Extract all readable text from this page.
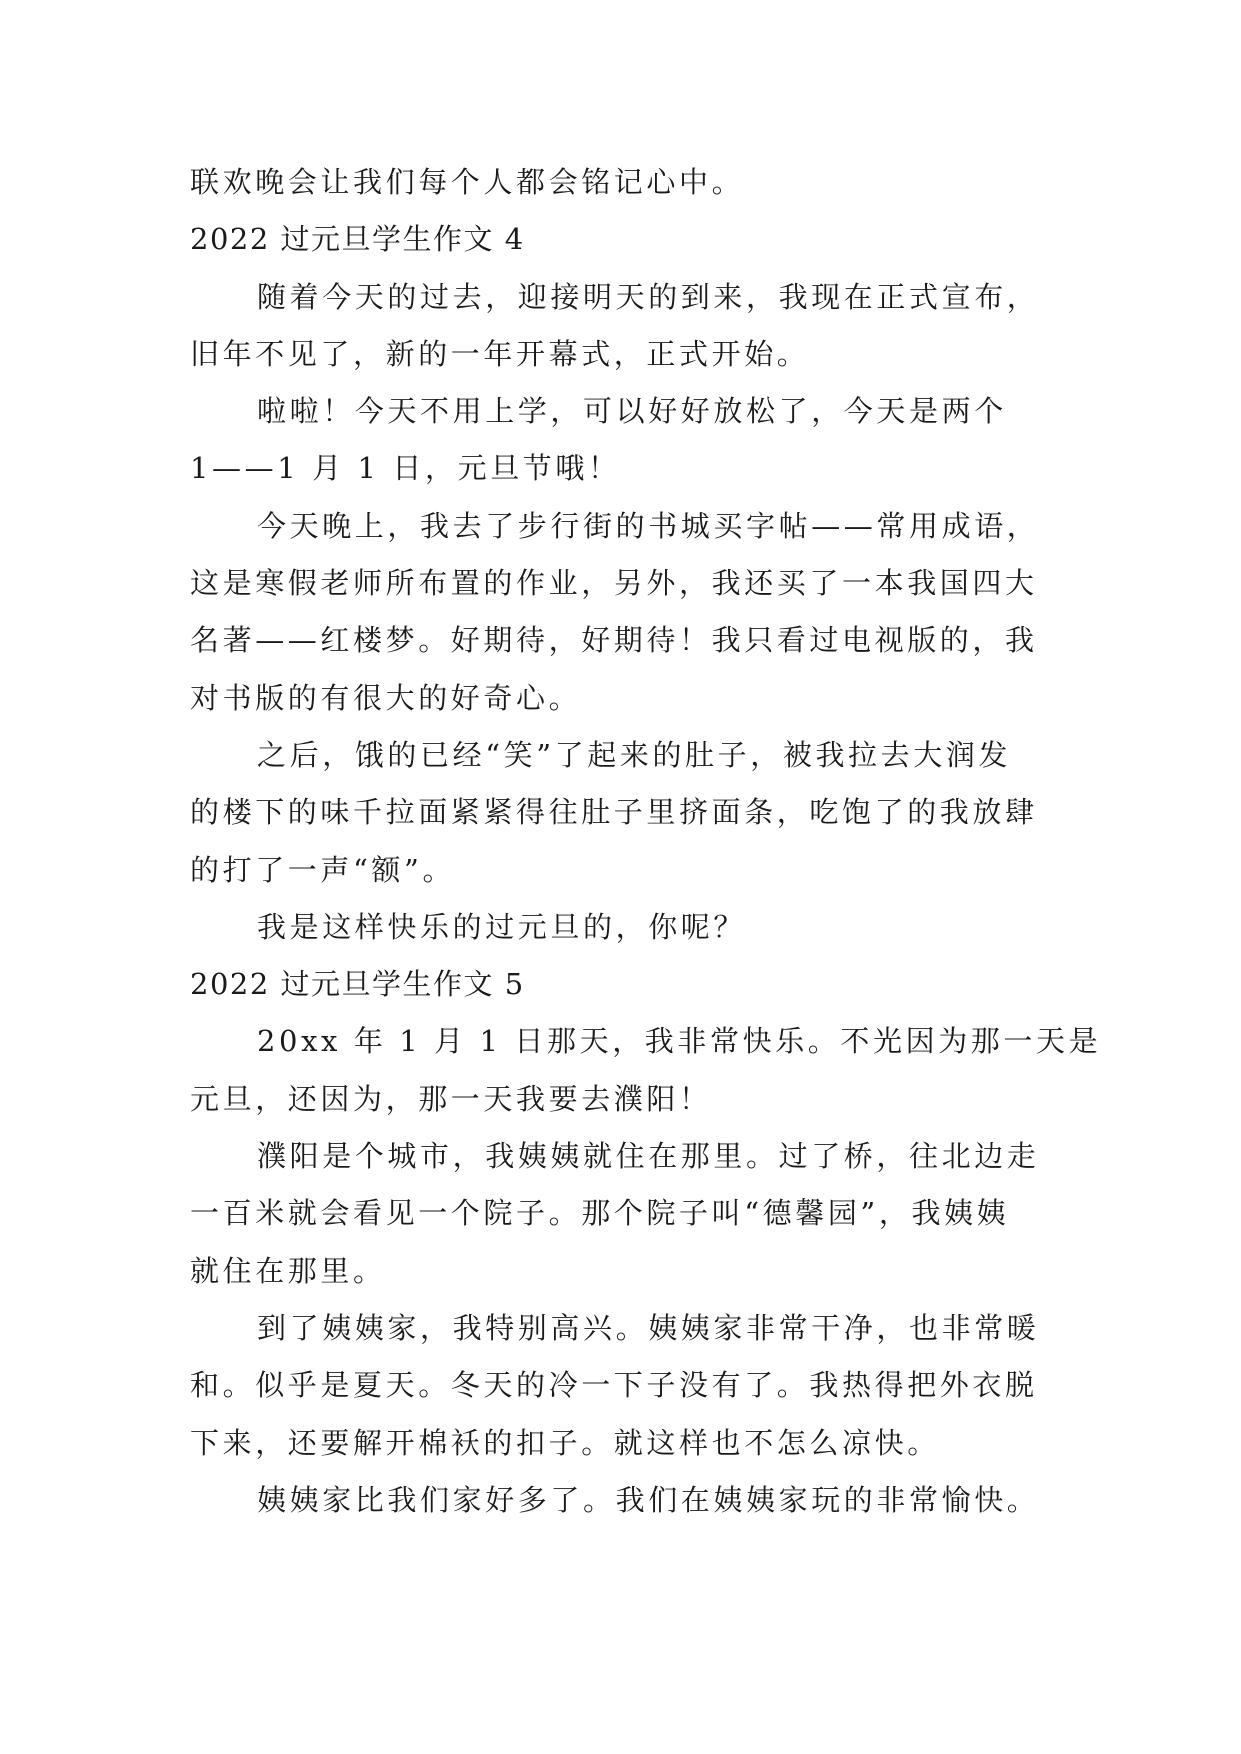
联欢晚会让我们每个人都会铭记心中。
2022 过元旦学生作文 4
随着今天的过去，迎接明天的到来，我现在正式宣布，
旧年不见了，新的一年开幕式，正式开始。
啦啦！今天不用上学，可以好好放松了，今天是两个
1——1 月 1 日，元旦节哦！
今天晚上，我去了步行街的书城买字帖——常用成语，
这是寒假老师所布置的作业，另外，我还买了一本我国四大
名著——红楼梦。好期待，好期待！我只看过电视版的，我
对书版的有很大的好奇心。
之后，饿的已经“笑”了起来的肚子，被我拉去大润发
的楼下的味千拉面紧紧得往肚子里挤面条，吃饱了的我放肆
的打了一声“额”。
我是这样快乐的过元旦的，你呢？
2022 过元旦学生作文 5
20xx 年 1 月 1 日那天，我非常快乐。不光因为那一天是
元旦，还因为，那一天我要去濮阳！
濮阳是个城市，我姨姨就住在那里。过了桥，往北边走
一百米就会看见一个院子。那个院子叫“德馨园”，我姨姨
就住在那里。
到了姨姨家，我特别高兴。姨姨家非常干净，也非常暖
和。似乎是夏天。冬天的冷一下子没有了。我热得把外衣脱
下来，还要解开棉袄的扣子。就这样也不怎么凉快。
姨姨家比我们家好多了。我们在姨姨家玩的非常愉快。
